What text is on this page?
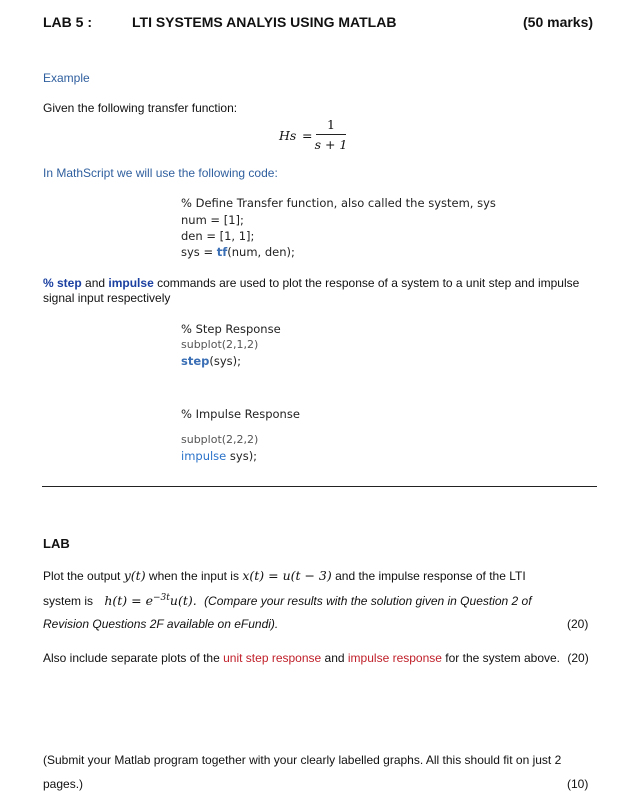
LAB 5 :	LTI SYSTEMS ANALYIS USING MATLAB	(50 marks)
Example
Given the following transfer function:
Hs =
1
s + 1
In MathScript we will use the following code:
% Define Transfer function, also called the system, sys
num = [1];
den = [1, 1];
sys = tf(num, den);
% step and impulse commands are used to plot the response of a system to a unit step and impulse
signal input respectively
% Step Response
subplot(2,1,2)
step(sys);
% Impulse Response
subplot(2,2,2)
impulse sys);
LAB
Plot the output y(t) when the input is x(t) = u(t − 3) and the impulse response of the LTI
system is $h(t) = e^{-3t}u(t)$. (Compare your results with the solution given in Question 2 of
Revision Questions 2F available on eFundi).	(20)
Also include separate plots of the unit step response and impulse response for the system above. (20)
(Submit your Matlab program together with your clearly labelled graphs. All this should fit on just 2
pages.)	(10)
